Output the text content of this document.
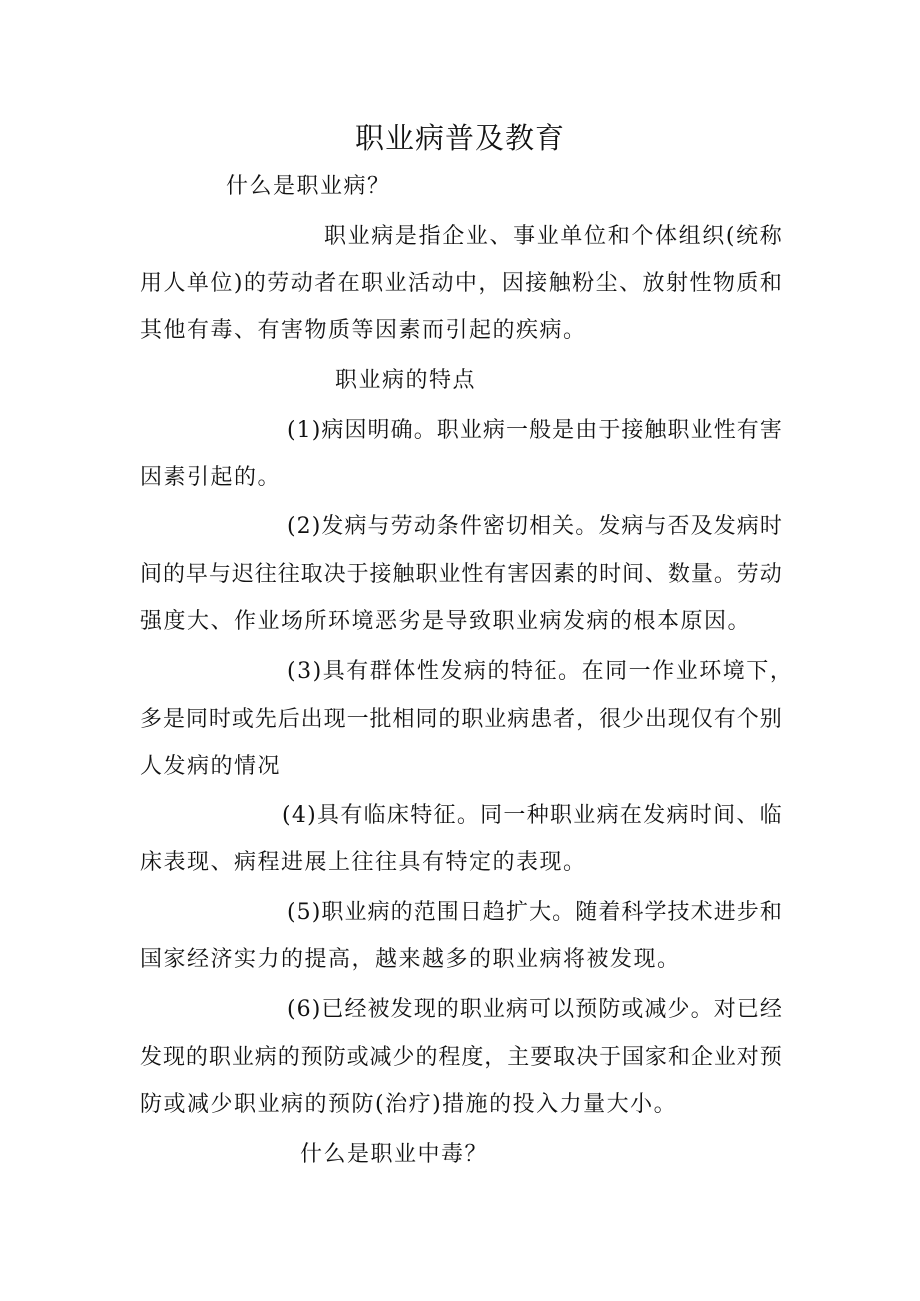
职业病普及教育
什么是职业病？
职 业 病 是 指 企 业 、 事 业 单 位 和 个 体 组 织 ( 统 称
用 人 单 位 ) 的 劳 动 者 在 职 业 活 动 中 ， 因 接 触 粉 尘 、 放 射 性 物 质 和
其他有毒、有害物质等因素而引起的疾病。
职业病的特点
( 1 ) 病 因 明 确 。 职 业 病 一 般 是 由 于 接 触 职 业 性 有 害
因素引起的。
( 2 ) 发 病 与 劳 动 条 件 密 切 相 关 。 发 病 与 否 及 发 病 时
间 的 早 与 迟 往 往 取 决 于 接 触 职 业 性 有 害 因 素 的 时 间 、 数 量 。 劳 动
强度大、作业场所环境恶劣是导致职业病发病的根本原因。
( 3 ) 具 有 群 体 性 发 病 的 特 征 。 在 同 一 作 业 环 境 下 ，
多 是 同 时 或 先 后 出 现 一 批 相 同 的 职 业 病 患 者 ， 很 少 出 现 仅 有 个 别
人发病的情况
( 4 ) 具 有 临 床 特 征 。 同 一 种 职 业 病 在 发 病 时 间 、 临
床表现、病程进展上往往具有特定的表现。
( 5 ) 职 业 病 的 范 围 日 趋 扩 大 。 随 着 科 学 技 术 进 步 和
国家经济实力的提高，越来越多的职业病将被发现。
( 6 ) 已 经 被 发 现 的 职 业 病 可 以 预 防 或 减 少 。 对 已 经
发 现 的 职 业 病 的 预 防 或 减 少 的 程 度 ， 主 要 取 决 于 国 家 和 企 业 对 预
防或减少职业病的预防(治疗)措施的投入力量大小。
什么是职业中毒？
